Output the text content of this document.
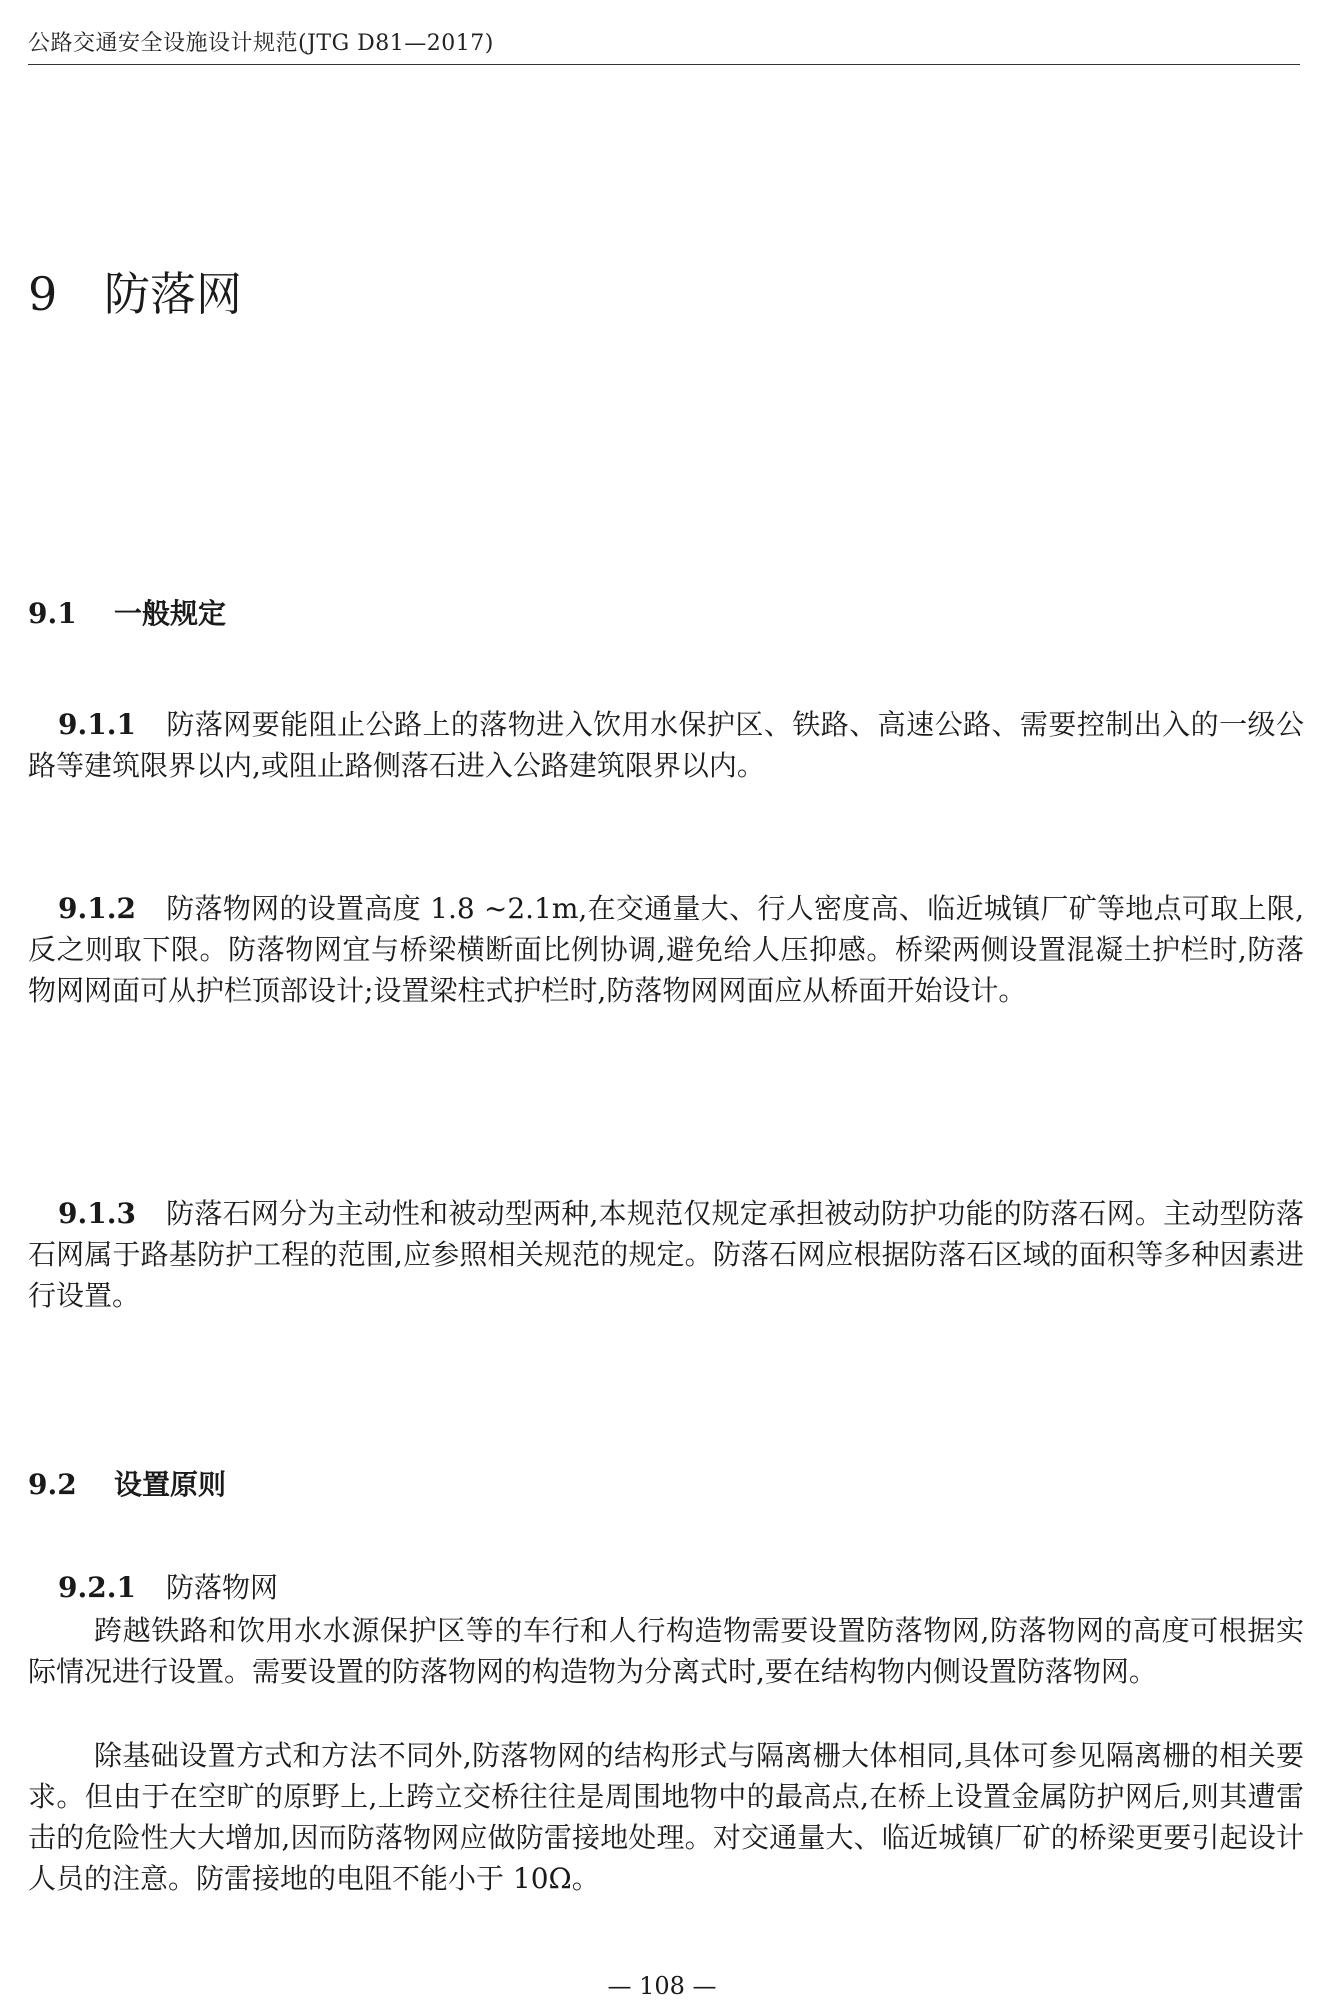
公路交通安全设施设计规范(JTG D81—2017)
9 防落网
9.1 一般规定

9.1.1 防落网要能阻止公路上的落物进入饮用水保护区、铁路、高速公路、需要控制出入的一级公路等建筑限界以内,或阻止路侧落石进入公路建筑限界以内。

9.1.2 防落物网的设置高度 1.8 ~2.1m,在交通量大、行人密度高、临近城镇厂矿等地点可取上限,反之则取下限。防落物网宜与桥梁横断面比例协调,避免给人压抑感。桥梁两侧设置混凝土护栏时,防落物网网面可从护栏顶部设计;设置梁柱式护栏时,防落物网网面应从桥面开始设计。

9.1.3 防落石网分为主动性和被动型两种,本规范仅规定承担被动防护功能的防落石网。主动型防落石网属于路基防护工程的范围,应参照相关规范的规定。防落石网应根据防落石区域的面积等多种因素进行设置。

9.2 设置原则

9.2.1 防落物网

跨越铁路和饮用水水源保护区等的车行和人行构造物需要设置防落物网,防落物网的高度可根据实际情况进行设置。需要设置的防落物网的构造物为分离式时,要在结构物内侧设置防落物网。

除基础设置方式和方法不同外,防落物网的结构形式与隔离栅大体相同,具体可参见隔离栅的相关要求。但由于在空旷的原野上,上跨立交桥往往是周围地物中的最高点,在桥上设置金属防护网后,则其遭雷击的危险性大大增加,因而防落物网应做防雷接地处理。对交通量大、临近城镇厂矿的桥梁更要引起设计人员的注意。防雷接地的电阻不能小于 10Ω。

— 108 —
